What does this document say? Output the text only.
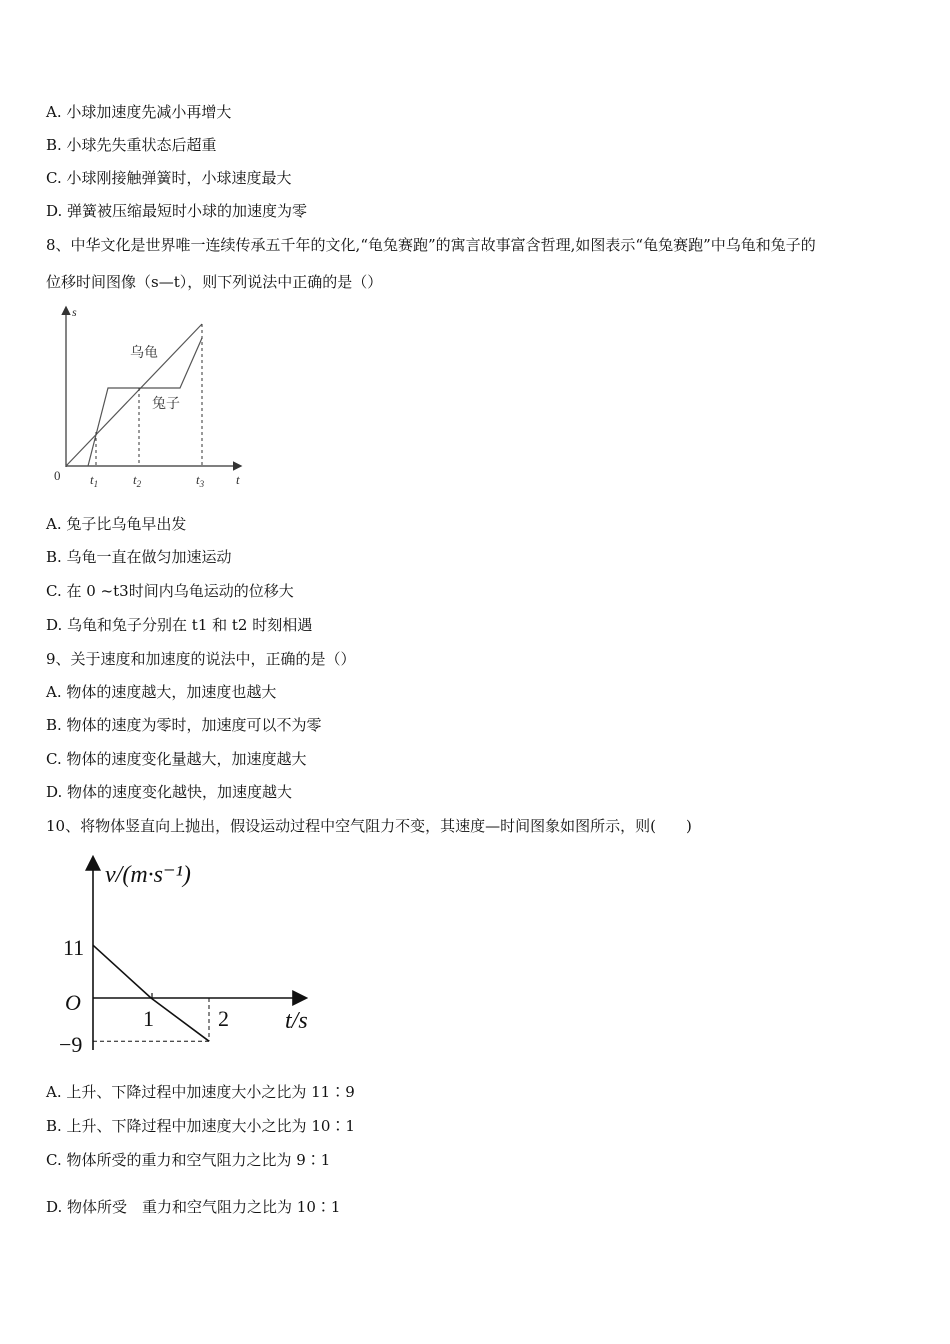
A. 小球加速度先减小再增大
B. 小球先失重状态后超重
C. 小球刚接触弹簧时，小球速度最大
D. 弹簧被压缩最短时小球的加速度为零
8、中华文化是世界唯一连续传承五千年的文化,“龟兔赛跑”的寓言故事富含哲理,如图表示“龟兔赛跑”中乌龟和兔子的
位移时间图像（s—t），则下列说法中正确的是（）
s
t
0
乌龟
兔子
$t_1$	$t_2$	$t_3$
A. 兔子比乌龟早出发
B. 乌龟一直在做匀加速运动
C. 在 0 ~t3时间内乌龟运动的位移大
D. 乌龟和兔子分别在 t1 和 t2 时刻相遇
9、关于速度和加速度的说法中，正确的是（）
A. 物体的速度越大，加速度也越大
B. 物体的速度为零时，加速度可以不为零
C. 物体的速度变化量越大，加速度越大
D. 物体的速度变化越快，加速度越大
10、将物体竖直向上抛出，假设运动过程中空气阻力不变，其速度—时间图象如图所示，则(　　)
v/(m·s⁻¹)
t/s
O
11
−9
1	2
A. 上升、下降过程中加速度大小之比为 11∶9
B. 上升、下降过程中加速度大小之比为 10∶1
C. 物体所受的重力和空气阻力之比为 9∶1
D. 物体所受　重力和空气阻力之比为 10∶1
